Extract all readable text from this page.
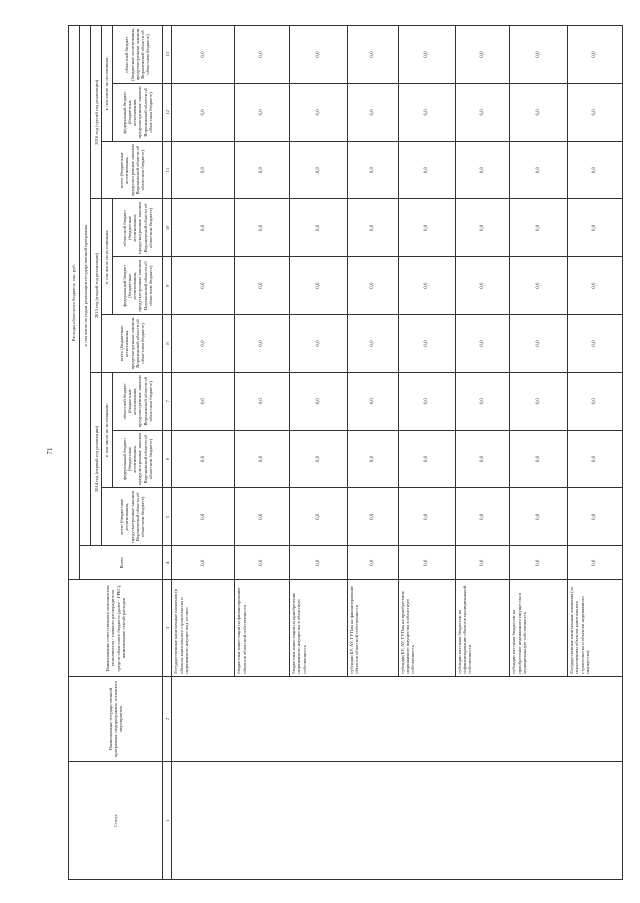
71
Статус	Наименование государственной программы, подпрограммы, основного мероприятия	Наименование ответственного исполнителя, исполнителя - главного распорядителя средств областного бюджета (далее - ГРБС), наименование сектой расходов	Расходы областного бюджета, тыс. руб.									
			Всего	в том числе по годам реализации государственной программы								
				2014 год (первый год реализации)			2015 год (второй год реализации)			2016 год (третий год реализации)		
				всего (бюджетные ассигнования, предусмотренные законом Воронежской области об областном бюджете)	в том числе по источникам:		всего (бюджетные ассигнования, предусмотренные законом Воронежской области об областном бюджете)	в том числе по источникам:		всего (бюджетные ассигнования, предусмотренные законом Воронежской области об областном бюджете)	в том числе по источникам:	
					федеральный бюджет (бюджетные ассигнования, предусмотренные законом Воронежской области об областном бюджете)	областной бюджет (бюджетные ассигнования, предусмотренные законом Воронежской области об областном бюджете)		федеральный бюджет (бюджетные ассигнования, предусмотренные законом Воронежской области об областном бюджете)	областной бюджет (бюджетные ассигнования, предусмотренные законом Воронежской области об областном бюджете)		федеральный бюджет (бюджетные ассигнования, предусмотренные законом Воронежской области об областном бюджете)	областной бюджет (бюджетные ассигнования, предусмотренные законом Воронежской области об областном бюджете)
1	2	3	4	5	6	7	8	9	10	11	12	13
		Государственные капитальные вложения (в объекты капитального строительства и недвижимого имущества), из них:	0,0	0,0	0,0	0,0	0,0	0,0	0,0	0,0	0,0	0,0
		бюджетные инвестиции на финансирование объектов областной собственности	0,0	0,0	0,0	0,0	0,0	0,0	0,0	0,0	0,0	0,0
		бюджетные инвестиции на приобретение недвижимого имущества в областную собственность	0,0	0,0	0,0	0,0	0,0	0,0	0,0	0,0	0,0	0,0
		субсидии БУ, АУ, ГУПам на финансирование объектов областной собственности	0,0	0,0	0,0	0,0	0,0	0,0	0,0	0,0	0,0	0,0
		субсидии БУ, АУ, ГУПам на приобретение недвижимого имущества в областную собственность	0,0	0,0	0,0	0,0	0,0	0,0	0,0	0,0	0,0	0,0
		субсидии местным бюджетам на софинансирование объектов муниципальной собственности	0,0	0,0	0,0	0,0	0,0	0,0	0,0	0,0	0,0	0,0
		субсидии местным бюджетам на приобретение недвижимого имущества в муниципальную собственность	0,0	0,0	0,0	0,0	0,0	0,0	0,0	0,0	0,0	0,0
		Государственные капитальные вложения (за исключением объектов капитального строительства и объектов недвижимого имущества)	0,0	0,0	0,0	0,0	0,0	0,0	0,0	0,0	0,0	0,0
